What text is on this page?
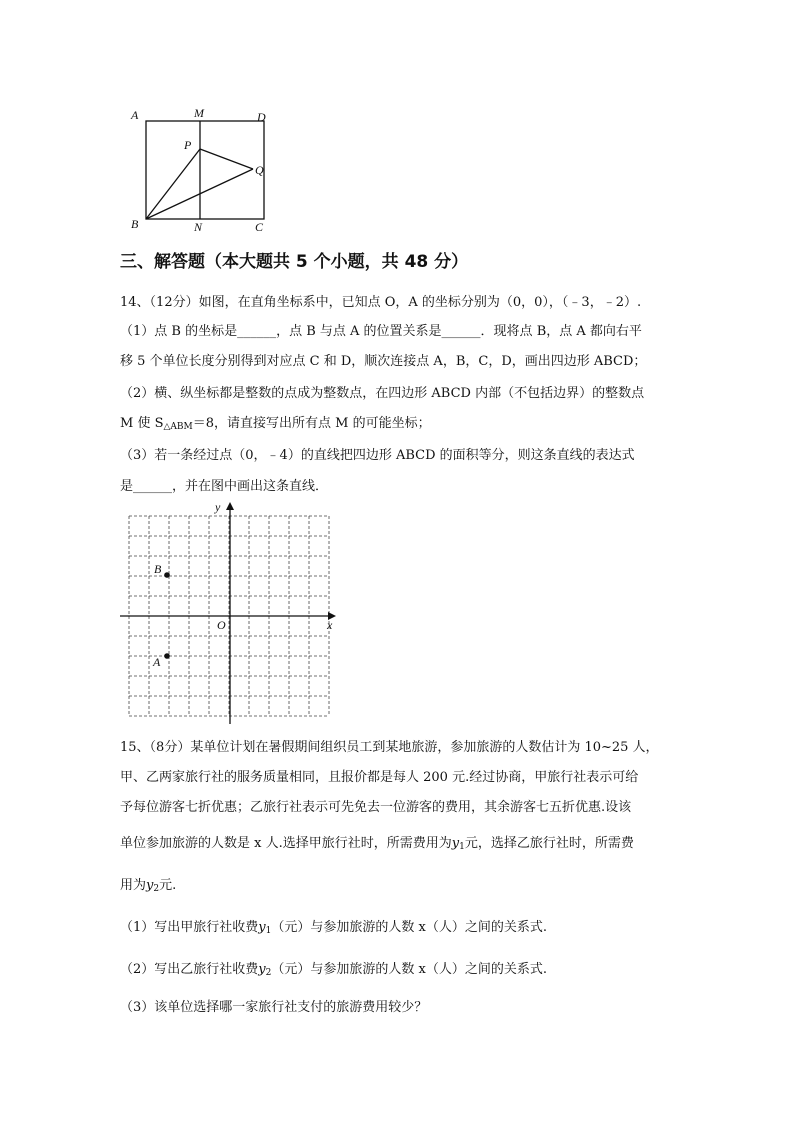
A	M	D
P
Q
B	N	C
三、解答题（本大题共 5 个小题，共 48 分）
14、（12分）如图，在直角坐标系中，已知点 O，A 的坐标分别为（0，0），（﹣3，﹣2）.
（1）点 B 的坐标是______，点 B 与点 A 的位置关系是______．现将点 B，点 A 都向右平
移 5 个单位长度分别得到对应点 C 和 D，顺次连接点 A，B，C，D，画出四边形 ABCD；
（2）横、纵坐标都是整数的点成为整数点，在四边形 ABCD 内部（不包括边界）的整数点
M 使 $S_{\triangle ABM}=8$，请直接写出所有点 M 的可能坐标；
（3）若一条经过点（0，﹣4）的直线把四边形 ABCD 的面积等分，则这条直线的表达式
是______，并在图中画出这条直线．
y
x
O
B
A
15、（8分）某单位计划在暑假期间组织员工到某地旅游，参加旅游的人数估计为 10~25 人，
甲、乙两家旅行社的服务质量相同，且报价都是每人 200 元.经过协商，甲旅行社表示可给
予每位游客七折优惠；乙旅行社表示可先免去一位游客的费用，其余游客七五折优惠.设该
单位参加旅游的人数是 x 人.选择甲旅行社时，所需费用为$y_1$元，选择乙旅行社时，所需费
用为$y_2$元.
（1）写出甲旅行社收费$y_1$（元）与参加旅游的人数 x（人）之间的关系式.
（2）写出乙旅行社收费$y_2$（元）与参加旅游的人数 x（人）之间的关系式.
（3）该单位选择哪一家旅行社支付的旅游费用较少？
